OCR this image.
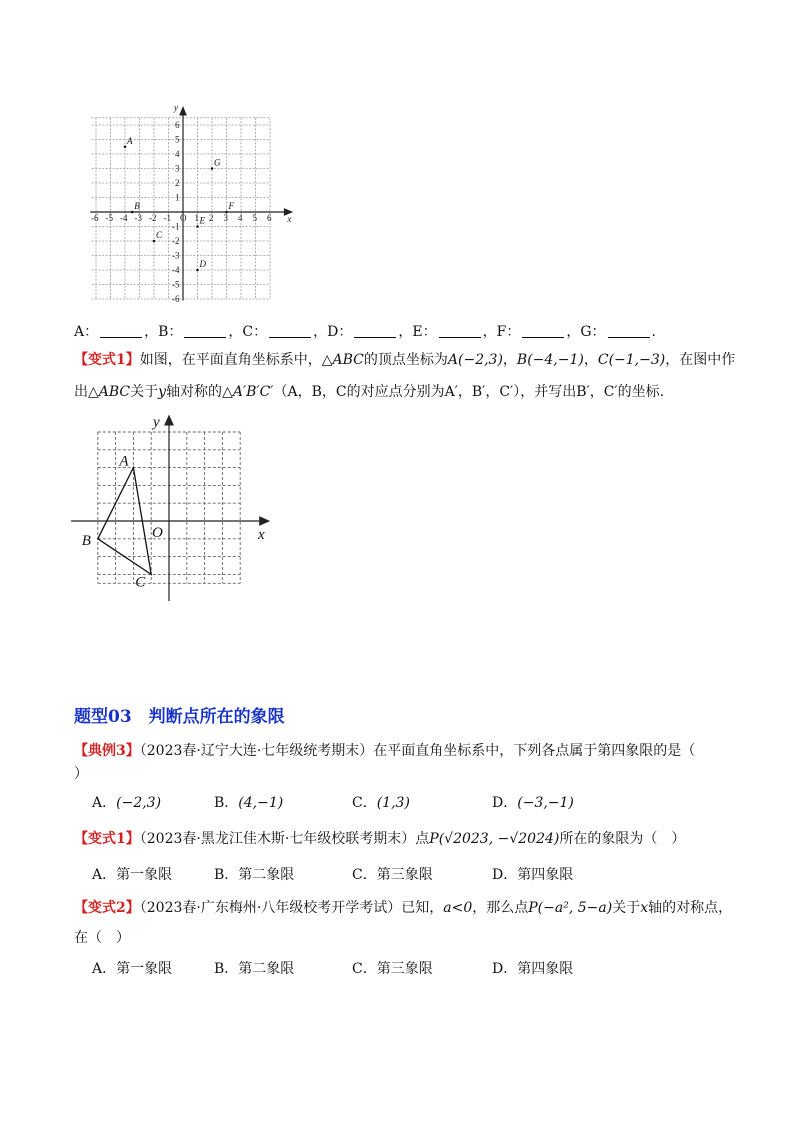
-6 -5 -4 -3 -2 -1 O 1 2 3 4 5 6 x
y
1
2
3
4
5
6
-1
-2
-3
-4
-5
-6
A
B
C
D
E
F
G
A：	，B：	，C：	，D：	，E：	，F：	，G：	.
【变式1】如图，在平面直角坐标系中，△ABC的顶点坐标为A(−2,3)，B(−4,−1)，C(−1,−3)，在图中作
出△ABC关于y轴对称的△A′B′C′（A，B，C的对应点分别为A′，B′，C′），并写出B′，C′的坐标.
A
B
C
x
y
O
题型03  判断点所在的象限
【典例3】（2023春·辽宁大连·七年级统考期末）在平面直角坐标系中，下列各点属于第四象限的是（
）
A．(−2,3)	B．(4,−1)	C．(1,3)	D．(−3,−1)
【变式1】（2023春·黑龙江佳木斯·七年级校联考期末）点P(√2023, −√2024)所在的象限为（　）
A．第一象限	B．第二象限	C．第三象限	D．第四象限
【变式2】（2023春·广东梅州·八年级校考开学考试）已知，a<0，那么点P(−a², 5−a)关于x轴的对称点，
在（　）
A．第一象限	B．第二象限	C．第三象限	D．第四象限
